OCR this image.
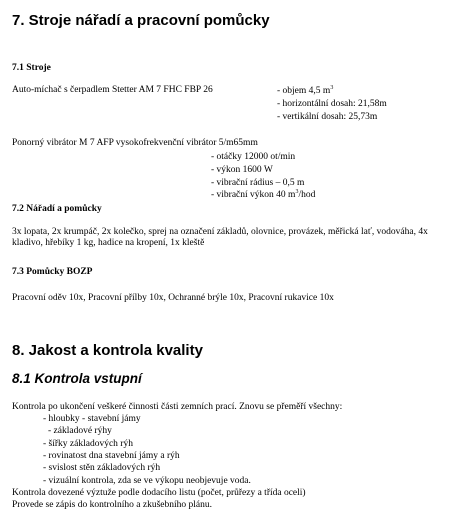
7. Stroje nářadí a pracovní pomůcky
7.1 Stroje
Auto-míchač s čerpadlem Stetter AM 7 FHC FBP 26	- objem 4,5 $m^3$
- horizontální dosah: 21,58m
- vertikální dosah: 25,73m
Ponorný vibrátor M 7 AFP vysokofrekvenční vibrátor 5/m65mm
- otáčky 12000 ot/min
- výkon 1600 W
- vibrační rádius – 0,5 m
- vibrační výkon 40 $m^3$/hod
7.2 Nářadí a pomůcky
3x lopata, 2x krumpáč, 2x kolečko, sprej na označení základů, olovnice, provázek, měřická lať, vodováha, 4x kladivo, hřebíky 1 kg, hadice na kropení, 1x kleště
7.3 Pomůcky BOZP
Pracovní oděv 10x, Pracovní přílby 10x, Ochranné brýle 10x, Pracovní rukavice 10x
8. Jakost a kontrola kvality
8.1 Kontrola vstupní
Kontrola po ukončení veškeré činnosti části zemních prací. Znovu se přeměří všechny:
- hloubky - stavební jámy
- základové rýhy
- šířky základových rýh
- rovinatost dna stavební jámy a rýh
- svislost stěn základových rýh
- vizuální kontrola, zda se ve výkopu neobjevuje voda.
Kontrola dovezené výztuže podle dodacího listu (počet, průřezy a třída oceli)
Provede se zápis do kontrolního a zkušebního plánu.
